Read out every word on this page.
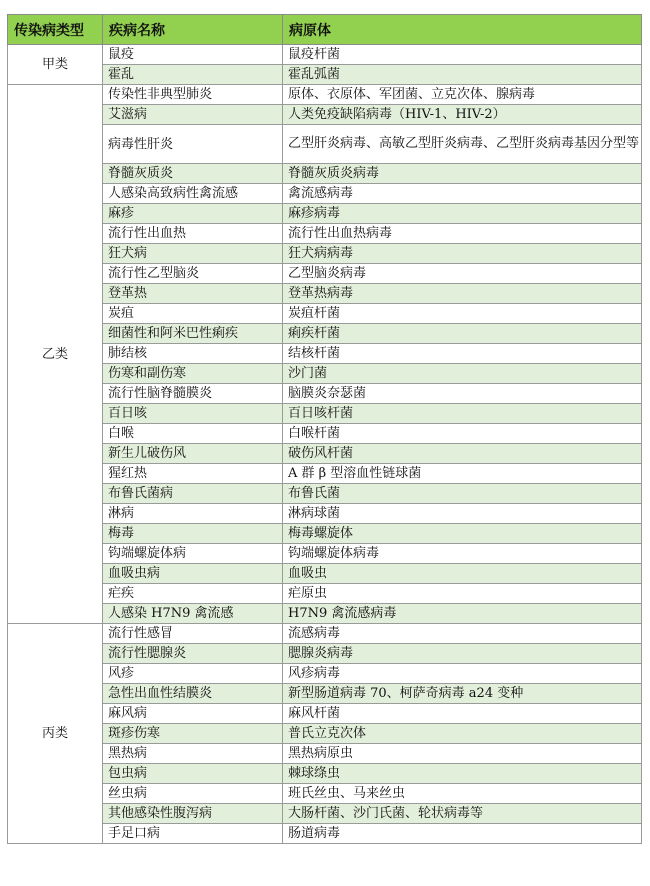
传染病类型	疾病名称	病原体
甲类	鼠疫	鼠疫杆菌
	霍乱	霍乱弧菌
乙类	传染性非典型肺炎	原体、衣原体、军团菌、立克次体、腺病毒
	艾滋病	人类免疫缺陷病毒（HIV-1、HIV-2）
	病毒性肝炎	乙型肝炎病毒、高敏乙型肝炎病毒、乙型肝炎病毒基因分型等
	脊髓灰质炎	脊髓灰质炎病毒
	人感染高致病性禽流感	禽流感病毒
	麻疹	麻疹病毒
	流行性出血热	流行性出血热病毒
	狂犬病	狂犬病病毒
	流行性乙型脑炎	乙型脑炎病毒
	登革热	登革热病毒
	炭疽	炭疽杆菌
	细菌性和阿米巴性痢疾	痢疾杆菌
	肺结核	结核杆菌
	伤寒和副伤寒	沙门菌
	流行性脑脊髓膜炎	脑膜炎奈瑟菌
	百日咳	百日咳杆菌
	白喉	白喉杆菌
	新生儿破伤风	破伤风杆菌
	猩红热	A 群 β 型溶血性链球菌
	布鲁氏菌病	布鲁氏菌
	淋病	淋病球菌
	梅毒	梅毒螺旋体
	钩端螺旋体病	钩端螺旋体病毒
	血吸虫病	血吸虫
	疟疾	疟原虫
	人感染 H7N9 禽流感	H7N9 禽流感病毒
丙类	流行性感冒	流感病毒
	流行性腮腺炎	腮腺炎病毒
	风疹	风疹病毒
	急性出血性结膜炎	新型肠道病毒 70、柯萨奇病毒 a24 变种
	麻风病	麻风杆菌
	斑疹伤寒	普氏立克次体
	黑热病	黑热病原虫
	包虫病	棘球绦虫
	丝虫病	班氏丝虫、马来丝虫
	其他感染性腹泻病	大肠杆菌、沙门氏菌、轮状病毒等
	手足口病	肠道病毒
